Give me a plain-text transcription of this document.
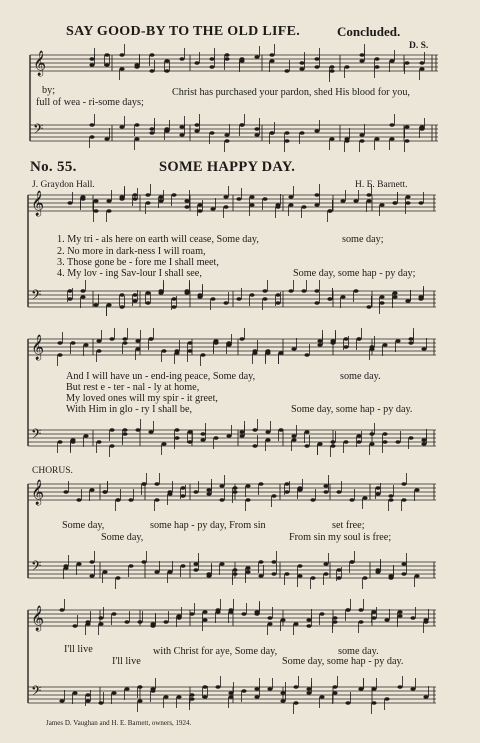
𝄞
𝄢
𝄞
𝄢
𝄞
𝄢
𝄞
𝄢
𝄞
𝄢
SAY GOOD-BY TO THE OLD LIFE.	Concluded.
D. S.
by;	Christ has purchased your pardon, shed His blood for you,
full of wea - ri-some days;
No. 55.	SOME HAPPY DAY.
J. Graydon Hall.	H. E. Barnett.
1. My tri - als here on earth will cease, Some day,	some day;
2. No more in dark-ness I will roam,
3. Those gone be - fore me I shall meet,
4. My lov - ing Sav-lour I shall see,	Some day, some hap - py day;
And I will have un - end-ing peace, Some day,	some day.
But rest e - ter - nal - ly at home,
My loved ones will my spir - it greet,
With Him in glo - ry I shall be,	Some day, some hap - py day.
CHORUS.
Some day,	some hap - py day, From sin	set free;
Some day,	From sin my soul is free;
I'll live	with Christ for aye, Some day,	some day.
I'll live	Some day, some hap - py day.
James D. Vaughan and H. E. Barnett, owners, 1924.
